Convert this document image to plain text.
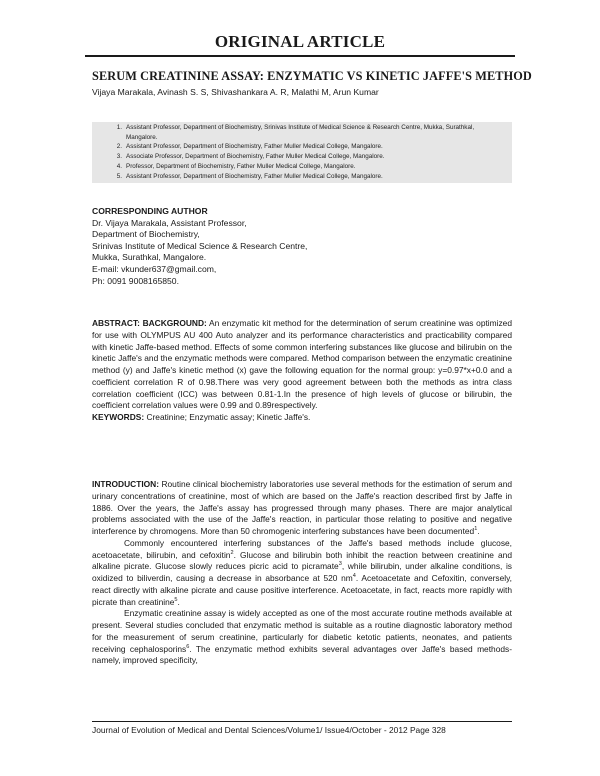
ORIGINAL ARTICLE
SERUM CREATININE ASSAY: ENZYMATIC VS KINETIC JAFFE'S METHOD
Vijaya Marakala, Avinash S. S, Shivashankara A. R, Malathi M, Arun Kumar
1. Assistant Professor, Department of Biochemistry, Srinivas Institute of Medical Science & Research Centre, Mukka, Surathkal, Mangalore.
2. Assistant Professor, Department of Biochemistry, Father Muller Medical College, Mangalore.
3. Associate Professor, Department of Biochemistry, Father Muller Medical College, Mangalore.
4. Professor, Department of Biochemistry, Father Muller Medical College, Mangalore.
5. Assistant Professor, Department of Biochemistry, Father Muller Medical College, Mangalore.
CORRESPONDING AUTHOR
Dr. Vijaya Marakala, Assistant Professor,
Department of Biochemistry,
Srinivas Institute of Medical Science & Research Centre,
Mukka, Surathkal, Mangalore.
E-mail: vkunder637@gmail.com,
Ph: 0091 9008165850.

ABSTRACT: BACKGROUND: An enzymatic kit method for the determination of serum creatinine was optimized for use with OLYMPUS AU 400 Auto analyzer and its performance characteristics and practicability compared with kinetic Jaffe-based method. Effects of some common interfering substances like glucose and bilirubin on the kinetic Jaffe's and the enzymatic methods were compared. Method comparison between the enzymatic creatinine method (y) and Jaffe's kinetic method (x) gave the following equation for the normal group: y=0.97*x+0.0 and a coefficient correlation R of 0.98.There was very good agreement between both the methods as intra class correlation coefficient (ICC) was between 0.81-1.In the presence of high levels of glucose or bilirubin, the coefficient correlation values were 0.99 and 0.89respectively.

KEYWORDS: Creatinine; Enzymatic assay; Kinetic Jaffe's.

INTRODUCTION: Routine clinical biochemistry laboratories use several methods for the estimation of serum and urinary concentrations of creatinine, most of which are based on the Jaffe's reaction described first by Jaffe in 1886. Over the years, the Jaffe's assay has progressed through many phases. There are major analytical problems associated with the use of the Jaffe's reaction, in particular those relating to positive and negative interference by chromogens. More than 50 chromogenic interfering substances have been documented$^1$.

Commonly encountered interfering substances of the Jaffe's based methods include glucose, acetoacetate, bilirubin, and cefoxitin$^2$. Glucose and bilirubin both inhibit the reaction between creatinine and alkaline picrate. Glucose slowly reduces picric acid to picramate$^3$, while bilirubin, under alkaline conditions, is oxidized to biliverdin, causing a decrease in absorbance at 520 $nm^4$. Acetoacetate and Cefoxitin, conversely, react directly with alkaline picrate and cause positive interference. Acetoacetate, in fact, reacts more rapidly with picrate than creatinine$^5$.

Enzymatic creatinine assay is widely accepted as one of the most accurate routine methods available at present. Several studies concluded that enzymatic method is suitable as a routine diagnostic laboratory method for the measurement of serum creatinine, particularly for diabetic ketotic patients, neonates, and patients receiving cephalosporins$^6$. The enzymatic method exhibits several advantages over Jaffe's based methods-namely, improved specificity,

Journal of Evolution of Medical and Dental Sciences/Volume1/ Issue4/October - 2012 Page 328
